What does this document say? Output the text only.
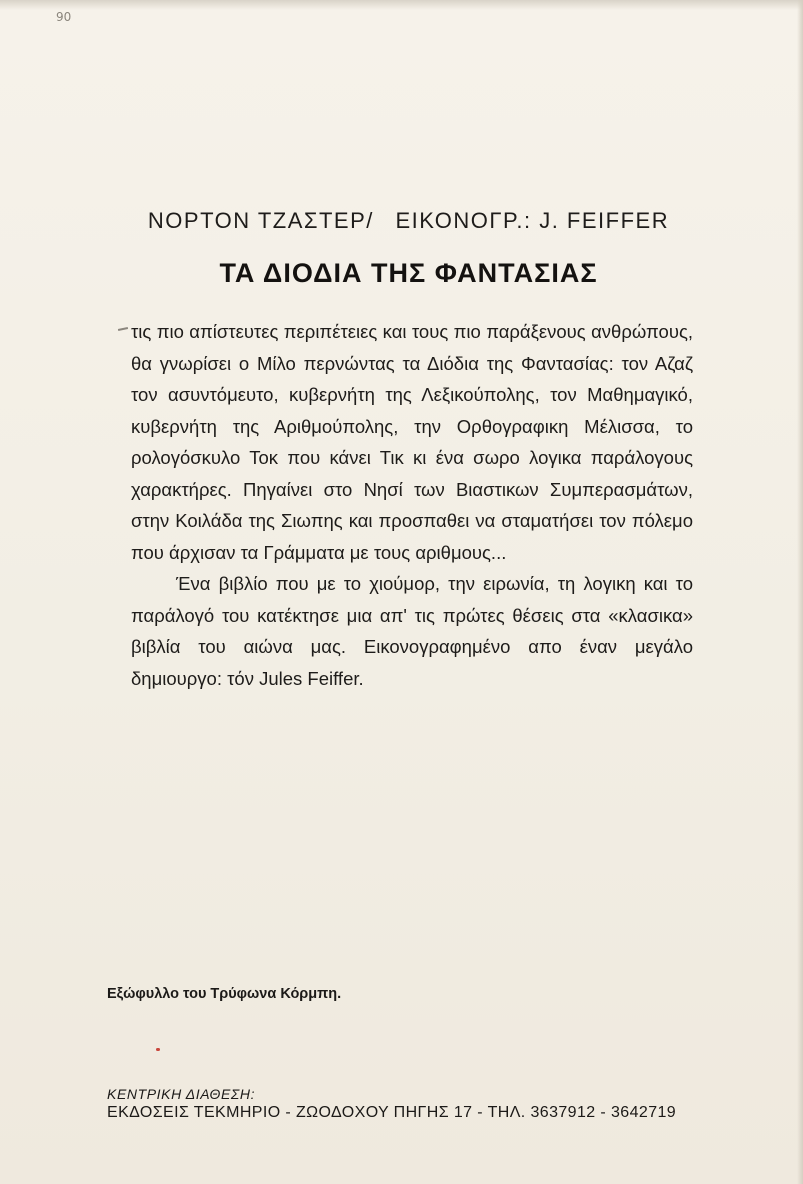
90
ΝΟΡΤΟΝ ΤΖΑΣΤΕΡ/ ΕΙΚΟΝΟΓΡ.: J. FEIFFER
ΤΑ ΔΙΟΔΙΑ ΤΗΣ ΦΑΝΤΑΣΙΑΣ

τις πιο απίστευτες περιπέτειες και τους πιο παράξενους ανθρώπους, θα γνωρίσει ο Μίλο περνώντας τα Διόδια της Φαντασίας: τον Αζαζ τον ασυντόμευτο, κυβερνήτη της Λεξικούπολης, τον Μαθημαγικό, κυβερνήτη της Αριθμούπολης, την Ορθογραφικη Μέλισσα, το ρολογόσκυλο Τοκ που κάνει Τικ κι ένα σωρο λογικα παράλογους χαρακτήρες. Πηγαίνει στο Νησί των Βιαστικων Συμπερασμάτων, στην Κοιλάδα της Σιωπης και προσπαθει να σταματήσει τον πόλεμο που άρχισαν τα Γράμματα με τους αριθμους...

Ένα βιβλίο που με το χιούμορ, την ειρωνία, τη λογικη και το παράλογό του κατέκτησε μια απ' τις πρώτες θέσεις στα «κλασικα» βιβλία του αιώνα μας. Εικονογραφημένο απο έναν μεγάλο δημιουργο: τόν Jules Feiffer.

Εξώφυλλο του Τρύφωνα Κόρμπη.
ΚΕΝΤΡΙΚΗ ΔΙΑΘΕΣΗ:
ΕΚΔΟΣΕΙΣ ΤΕΚΜΗΡΙΟ - ΖΩΟΔΟΧΟΥ ΠΗΓΗΣ 17 - ΤΗΛ. 3637912 - 3642719
